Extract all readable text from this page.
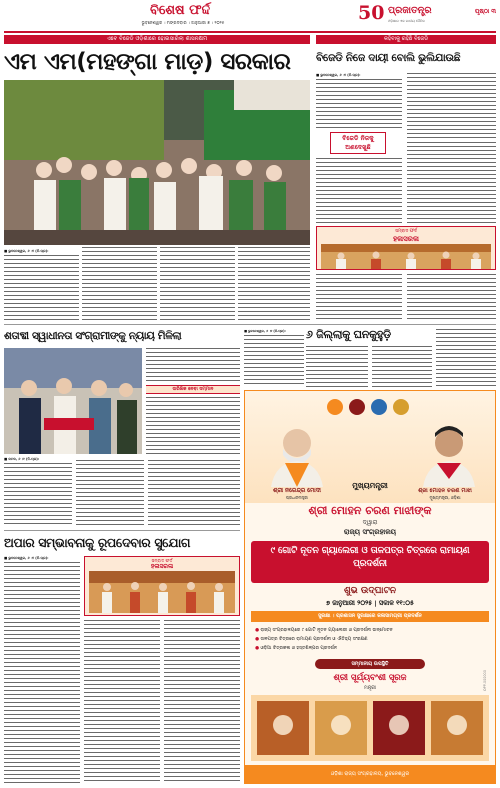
ବିଶେଷ ଫର୍ଦ୍ଦ
ଭୁବନେଶ୍ୱର । ମଙ୍ଗଳବାର । ଜାନୁଆରୀ ୭ । ୨୦୨୫	50 ପ୍ରଜାତନ୍ତ୍ର
ଓଡ଼ିଶାର ଏକ ଜାତୀୟ ଦୈନିକ
ପୃଷ୍ଠା ୩
ଏବେ ବିଜେଡି ଓଡ଼ିଶାରେ ହୋଇସାରିଲା ଶାସନକ୍ଷମ
ଏମ ଏମ(ମହଙ୍ଗା ମାଡ଼) ସରକାର
■ ଭୁବନେଶ୍ୱର, ୬ ।୧ (ନି.ପ୍ର):
କହିବାକୁ ରହିଛି ବିଜେଡି
ବିଜେଡି ନିଜେ ଦାୟୀ ବୋଲି ଭୁଲିଯାଉଛି
■ ଭୁବନେଶ୍ୱର, ୬ ।୧ (ନି.ପ୍ର):
ବିଜେଡି ନିଜକୁ ଅଣଦେଖୁଛି
ସମ୍ବାଦ ଫର୍ଦ
ହଳାସରଳା
ଶତାବ୍ଦୀ ସ୍ୱାଧୀନତା ସଂଗ୍ରାମୀଙ୍କୁ ନ୍ୟାୟ ମିଳିଲା
ତାରିଖିକ ନେବା ସମ୍ମାନ
■ କଟକ, ୬ ।୧ (ନି.ପ୍ର):
■ ଭୁବନେଶ୍ୱର, ୬ ।୧ (ନି.ପ୍ର):	୬ ଜିଲ୍ଲାକୁ ଘନକୁହୁଡ଼ି
ଅପାର ସମ୍ଭାବନାକୁ ରୂପଦେବାର ସୁଯୋଗ
■ ଭୁବନେଶ୍ୱର, ୬ ।୧ (ନି.ପ୍ର):	ସମ୍ବାଦ ଫର୍ଦ
ହଳାସରଳା
ଶ୍ରୀ ନରେନ୍ଦ୍ର ମୋଦୀ
ପ୍ରଧାନମନ୍ତ୍ରୀ
ଶ୍ରୀ ମୋହନ ଚରଣ ମାଝୀ
ମୁଖ୍ୟମନ୍ତ୍ରୀ, ଓଡ଼ିଶା
ମୁଖ୍ୟମନ୍ତ୍ରୀ
ଶ୍ରୀ ମୋହନ ଚରଣ ମାଝୀଙ୍କ
ଦ୍ୱାରା
ରାଜ୍ୟ ସଂଗ୍ରହାଳୟ
୯ ଗୋଟି ନୂତନ ଗ୍ୟାଲେରୀ ଓ ତାଳପତ୍ର ଚିତ୍ରରେ ରାମାୟଣ ପ୍ରଦର୍ଶନୀ
ଶୁଭ ଉଦ୍‌ଘାଟନ
୭ ଜାନୁଆରୀ ୨୦୨୫ | ସକାଳ ୧୧:୦୫
ସୁରକ୍ଷା । ପ୍ରଶାସନ ସୁରକ୍ଷାରେ କଳାସାମଗ୍ରୀ ପ୍ରଦର୍ଶନ
● ରାଜ୍ୟ ସଂଗ୍ରହାଳୟରେ ୯ ଗୋଟି ନୂତନ ଗ୍ୟାଲେରୀ ଓ ପ୍ରଦର୍ଶନୀ ଉନ୍ମୋଚନ
● ତାଳପତ୍ର ଚିତ୍ରରେ ରାମାୟଣ ପ୍ରଦର୍ଶନୀ ଓ ଐତିହ୍ୟ ସଂରକ୍ଷଣ
● ଓଡ଼ିଆ ଚିତ୍ରକଳା ଓ ହସ୍ତଶିଳ୍ପର ପ୍ରଦର୍ଶନ
ସମ୍ମାନୀୟ ଉପସ୍ଥିତି
ଶ୍ରୀ ସୂର୍ଯ୍ୟବଂଶୀ ସୂରଜ
ମନ୍ତ୍ରୀ
ଓଡ଼ିଶା ରାଜ୍ୟ ସଂଗ୍ରହାଳୟ, ଭୁବନେଶ୍ୱର
OPP-000000
